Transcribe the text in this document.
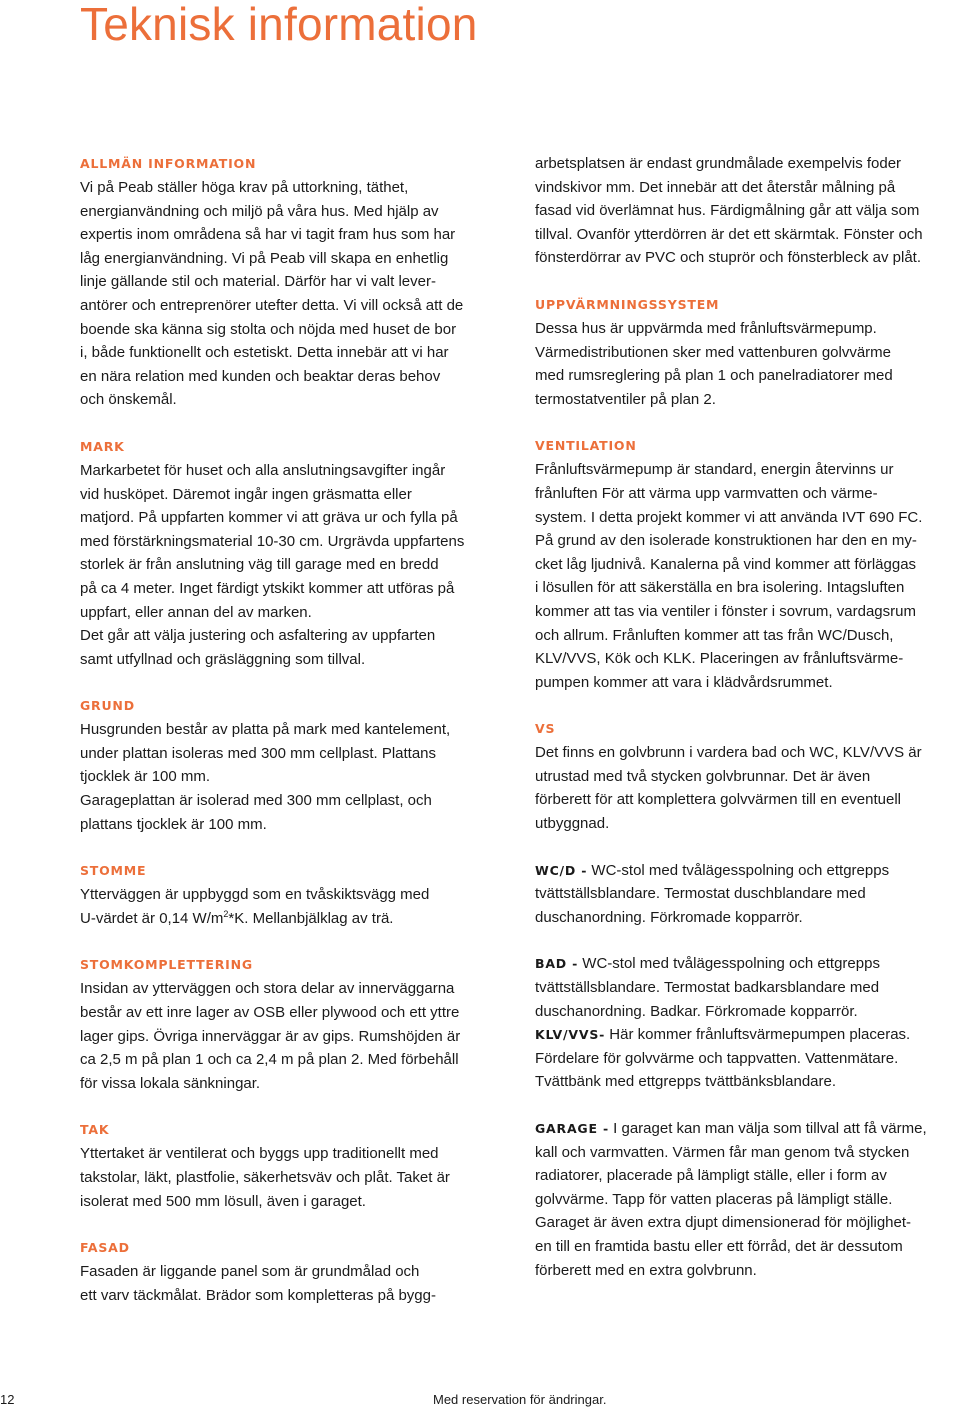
Teknisk information
ALLMÄN INFORMATION

Vi på Peab ställer höga krav på uttorkning, täthet,
energianvändning och miljö på våra hus. Med hjälp av
expertis inom områdena så har vi tagit fram hus som har
låg energianvändning. Vi på Peab vill skapa en enhetlig
linje gällande stil och material. Därför har vi valt lever-
antörer och entreprenörer utefter detta. Vi vill också att de
boende ska känna sig stolta och nöjda med huset de bor
i, både funktionellt och estetiskt. Detta innebär att vi har
en nära relation med kunden och beaktar deras behov
och önskemål.

MARK

Markarbetet för huset och alla anslutningsavgifter ingår
vid husköpet. Däremot ingår ingen gräsmatta eller
matjord. På uppfarten kommer vi att gräva ur och fylla på
med förstärkningsmaterial 10-30 cm. Urgrävda uppfartens
storlek är från anslutning väg till garage med en bredd
på ca 4 meter. Inget färdigt ytskikt kommer att utföras på
uppfart, eller annan del av marken.
Det går att välja justering och asfaltering av uppfarten
samt utfyllnad och gräsläggning som tillval.

GRUND

Husgrunden består av platta på mark med kantelement,
under plattan isoleras med 300 mm cellplast. Plattans
tjocklek är 100 mm.
Garageplattan är isolerad med 300 mm cellplast, och
plattans tjocklek är 100 mm.

STOMME

Ytterväggen är uppbyggd som en tvåskiktsvägg med
U-värdet är 0,14 $W/m^2*K$. Mellanbjälklag av trä.

STOMKOMPLETTERING

Insidan av ytterväggen och stora delar av innerväggarna
består av ett inre lager av OSB eller plywood och ett yttre
lager gips. Övriga innerväggar är av gips. Rumshöjden är
ca 2,5 m på plan 1 och ca 2,4 m på plan 2. Med förbehåll
för vissa lokala sänkningar.

TAK

Yttertaket är ventilerat och byggs upp traditionellt med
takstolar, läkt, plastfolie, säkerhetsväv och plåt. Taket är
isolerat med 500 mm lösull, även i garaget.

FASAD

Fasaden är liggande panel som är grundmålad och
ett varv täckmålat. Brädor som kompletteras på bygg-

arbetsplatsen är endast grundmålade exempelvis foder
vindskivor mm. Det innebär att det återstår målning på
fasad vid överlämnat hus. Färdigmålning går att välja som
tillval. Ovanför ytterdörren är det ett skärmtak. Fönster och
fönsterdörrar av PVC och stuprör och fönsterbleck av plåt.

UPPVÄRMNINGSSYSTEM

Dessa hus är uppvärmda med frånluftsvärmepump.
Värmedistributionen sker med vattenburen golvvärme
med rumsreglering på plan 1 och panelradiatorer med
termostatventiler på plan 2.

VENTILATION

Frånluftsvärmepump är standard, energin återvinns ur
frånluften För att värma upp varmvatten och värme-
system. I detta projekt kommer vi att använda IVT 690 FC.
På grund av den isolerade konstruktionen har den en my-
cket låg ljudnivå. Kanalerna på vind kommer att förläggas
i lösullen för att säkerställa en bra isolering. Intagsluften
kommer att tas via ventiler i fönster i sovrum, vardagsrum
och allrum. Frånluften kommer att tas från WC/Dusch,
KLV/VVS, Kök och KLK. Placeringen av frånluftsvärme-
pumpen kommer att vara i klädvårdsrummet.

VS

Det finns en golvbrunn i vardera bad och WC, KLV/VVS är
utrustad med två stycken golvbrunnar. Det är även
förberett för att komplettera golvvärmen till en eventuell
utbyggnad.

WC/D - WC-stol med tvålägesspolning och ettgrepps
tvättställsblandare. Termostat duschblandare med
duschanordning. Förkromade kopparrör.

BAD - WC-stol med tvålägesspolning och ettgrepps
tvättställsblandare. Termostat badkarsblandare med
duschanordning. Badkar. Förkromade kopparrör.

KLV/VVS- Här kommer frånluftsvärmepumpen placeras.
Fördelare för golvvärme och tappvatten. Vattenmätare.
Tvättbänk med ettgrepps tvättbänksblandare.

GARAGE - I garaget kan man välja som tillval att få värme,
kall och varmvatten. Värmen får man genom två stycken
radiatorer, placerade på lämpligt ställe, eller i form av
golvvärme. Tapp för vatten placeras på lämpligt ställe.
Garaget är även extra djupt dimensionerad för möjlighet-
en till en framtida bastu eller ett förråd, det är dessutom
förberett med en extra golvbrunn.

12	Med reservation för ändringar.
